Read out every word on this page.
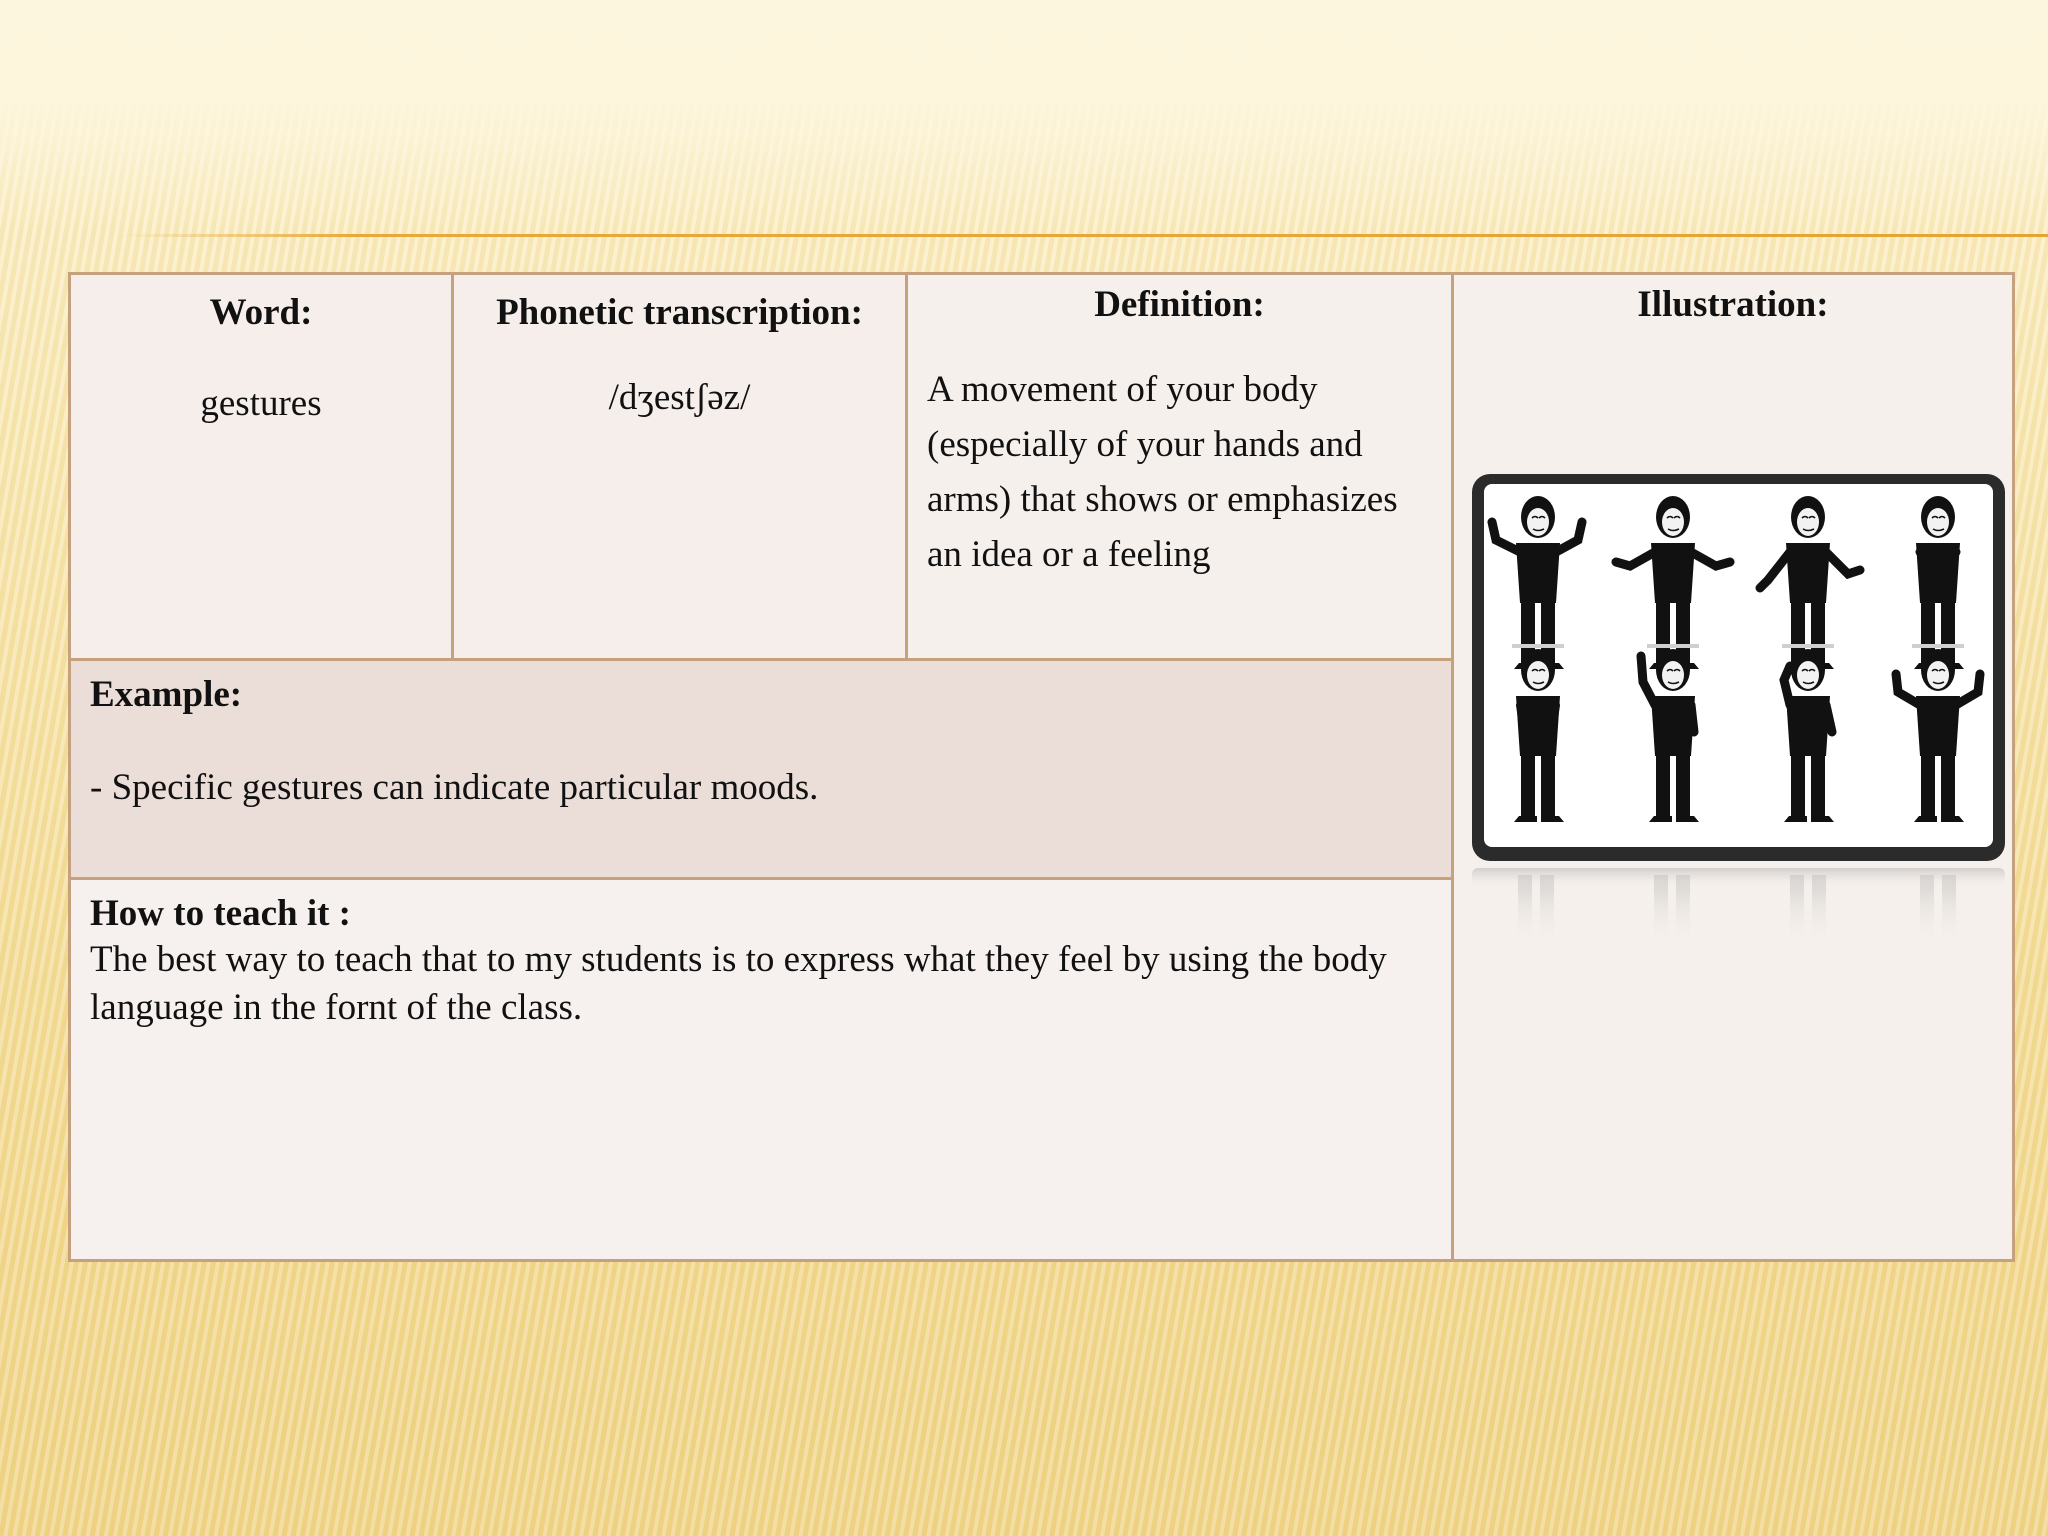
Word:
gestures
Phonetic transcription:
/dʒestʃəz/
Definition:
A movement of your body (especially of your hands and arms) that shows or emphasizes an idea or a feeling
Illustration:
Example:
- Specific gestures can indicate particular moods.
How to teach it :
The best way to teach that to my students is to express what they feel by using the body language in the fornt of the class.
